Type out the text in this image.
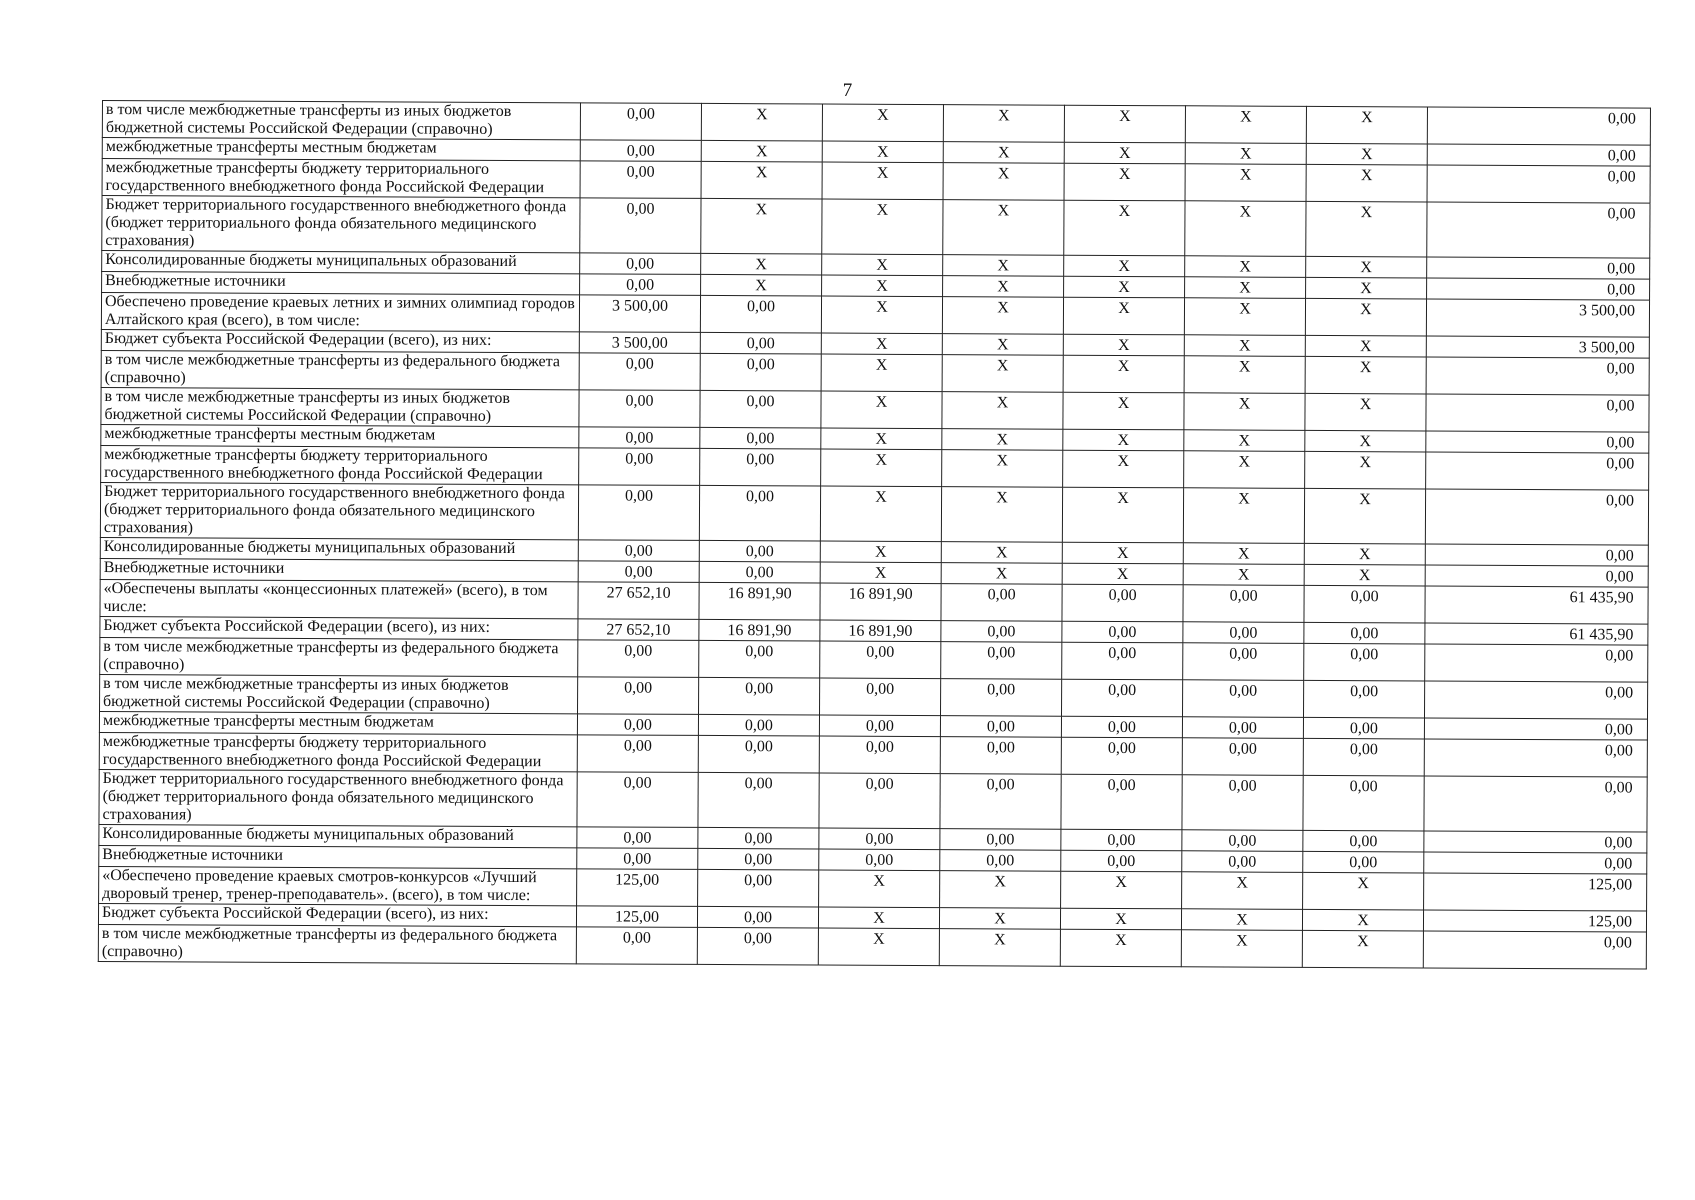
7
в том числе межбюджетные трансферты из иных бюджетов бюджетной системы Российской Федерации (справочно)	0,00	X	X	X	X	X	X	0,00
межбюджетные трансферты местным бюджетам	0,00	X	X	X	X	X	X	0,00
межбюджетные трансферты бюджету территориального государственного внебюджетного фонда Российской Федерации	0,00	X	X	X	X	X	X	0,00
Бюджет территориального государственного внебюджетного фонда (бюджет территориального фонда обязательного медицинского страхования)	0,00	X	X	X	X	X	X	0,00
Консолидированные бюджеты муниципальных образований	0,00	X	X	X	X	X	X	0,00
Внебюджетные источники	0,00	X	X	X	X	X	X	0,00
Обеспечено проведение краевых летних и зимних олимпиад городов Алтайского края (всего), в том числе:	3 500,00	0,00	X	X	X	X	X	3 500,00
Бюджет субъекта Российской Федерации (всего), из них:	3 500,00	0,00	X	X	X	X	X	3 500,00
в том числе межбюджетные трансферты из федерального бюджета (справочно)	0,00	0,00	X	X	X	X	X	0,00
в том числе межбюджетные трансферты из иных бюджетов бюджетной системы Российской Федерации (справочно)	0,00	0,00	X	X	X	X	X	0,00
межбюджетные трансферты местным бюджетам	0,00	0,00	X	X	X	X	X	0,00
межбюджетные трансферты бюджету территориального государственного внебюджетного фонда Российской Федерации	0,00	0,00	X	X	X	X	X	0,00
Бюджет территориального государственного внебюджетного фонда (бюджет территориального фонда обязательного медицинского страхования)	0,00	0,00	X	X	X	X	X	0,00
Консолидированные бюджеты муниципальных образований	0,00	0,00	X	X	X	X	X	0,00
Внебюджетные источники	0,00	0,00	X	X	X	X	X	0,00
«Обеспечены выплаты «концессионных платежей» (всего), в том числе:	27 652,10	16 891,90	16 891,90	0,00	0,00	0,00	0,00	61 435,90
Бюджет субъекта Российской Федерации (всего), из них:	27 652,10	16 891,90	16 891,90	0,00	0,00	0,00	0,00	61 435,90
в том числе межбюджетные трансферты из федерального бюджета (справочно)	0,00	0,00	0,00	0,00	0,00	0,00	0,00	0,00
в том числе межбюджетные трансферты из иных бюджетов бюджетной системы Российской Федерации (справочно)	0,00	0,00	0,00	0,00	0,00	0,00	0,00	0,00
межбюджетные трансферты местным бюджетам	0,00	0,00	0,00	0,00	0,00	0,00	0,00	0,00
межбюджетные трансферты бюджету территориального государственного внебюджетного фонда Российской Федерации	0,00	0,00	0,00	0,00	0,00	0,00	0,00	0,00
Бюджет территориального государственного внебюджетного фонда (бюджет территориального фонда обязательного медицинского страхования)	0,00	0,00	0,00	0,00	0,00	0,00	0,00	0,00
Консолидированные бюджеты муниципальных образований	0,00	0,00	0,00	0,00	0,00	0,00	0,00	0,00
Внебюджетные источники	0,00	0,00	0,00	0,00	0,00	0,00	0,00	0,00
«Обеспечено проведение краевых смотров-конкурсов «Лучший дворовый тренер, тренер-преподаватель». (всего), в том числе:	125,00	0,00	X	X	X	X	X	125,00
Бюджет субъекта Российской Федерации (всего), из них:	125,00	0,00	X	X	X	X	X	125,00
в том числе межбюджетные трансферты из федерального бюджета (справочно)	0,00	0,00	X	X	X	X	X	0,00
